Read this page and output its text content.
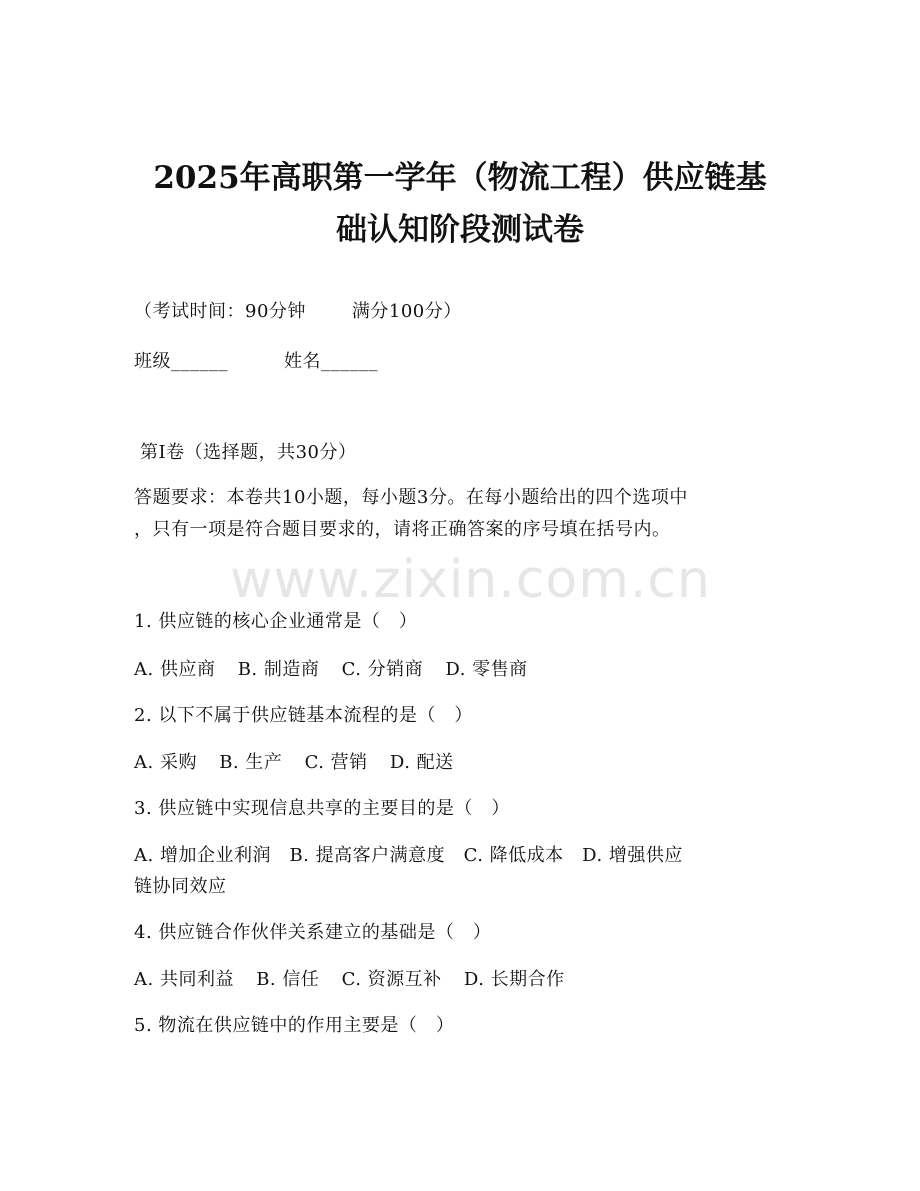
2025年高职第一学年（物流工程）供应链基
础认知阶段测试卷
（考试时间：90分钟	满分100分）
班级______	姓名______
第I卷（选择题，共30分）
答题要求：本卷共10小题，每小题3分。在每小题给出的四个选项中
，只有一项是符合题目要求的，请将正确答案的序号填在括号内。
www.zixin.com.cn
1. 供应链的核心企业通常是（　）
A. 供应商 B. 制造商 C. 分销商 D. 零售商
2. 以下不属于供应链基本流程的是（　）
A. 采购 B. 生产 C. 营销 D. 配送
3. 供应链中实现信息共享的主要目的是（　）
A. 增加企业利润　B. 提高客户满意度　C. 降低成本　D. 增强供应
链协同效应
4. 供应链合作伙伴关系建立的基础是（　）
A. 共同利益 B. 信任 C. 资源互补 D. 长期合作
5. 物流在供应链中的作用主要是（　）
